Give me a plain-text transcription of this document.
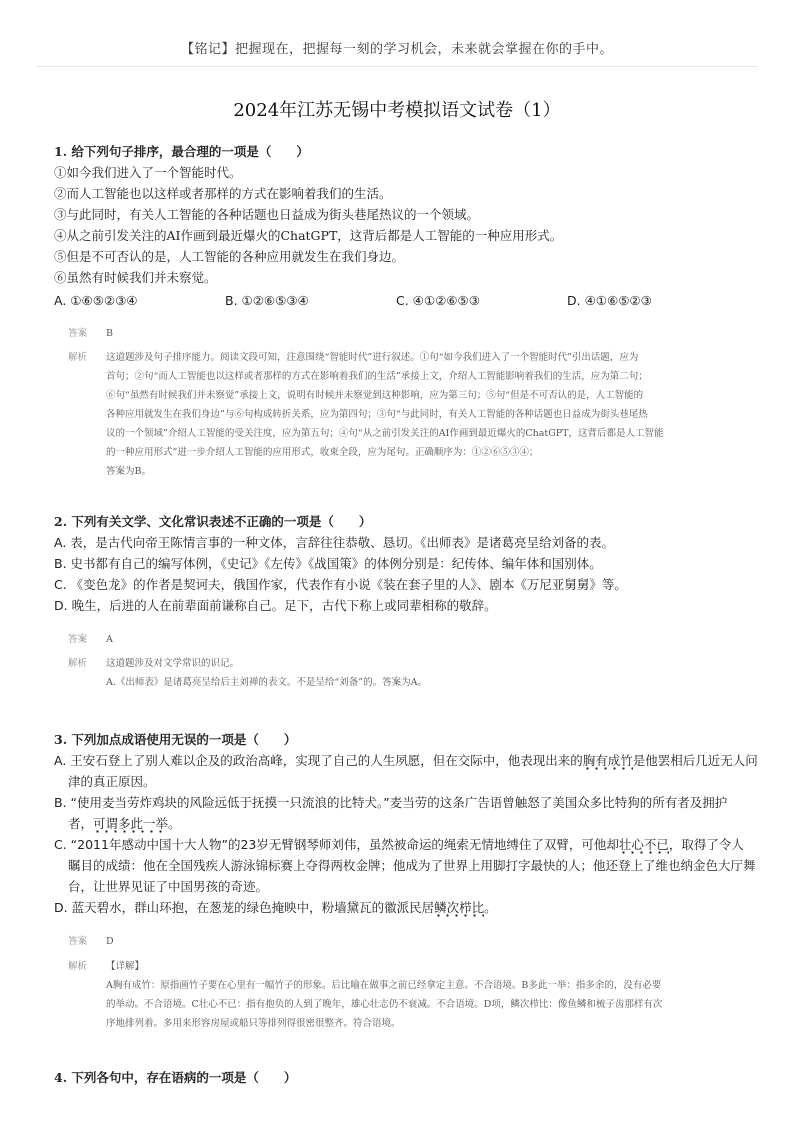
【铭记】把握现在，把握每一刻的学习机会，未来就会掌握在你的手中。
2024年江苏无锡中考模拟语文试卷（1）
1. 给下列句子排序，最合理的一项是（　　）
①如今我们进入了一个智能时代。
②而人工智能也以这样或者那样的方式在影响着我们的生活。
③与此同时，有关人工智能的各种话题也日益成为街头巷尾热议的一个领域。
④从之前引发关注的AI作画到最近爆火的ChatGPT，这背后都是人工智能的一种应用形式。
⑤但是不可否认的是，人工智能的各种应用就发生在我们身边。
⑥虽然有时候我们并未察觉。
A. ①⑥⑤②③④	B. ①②⑥⑤③④	C. ④①②⑥⑤③	D. ④①⑥⑤②③
答案 B
解析 这道题涉及句子排序能力。阅读文段可知，注意围绕“智能时代”进行叙述。①句“如今我们进入了一个智能时代”引出话题，应为
首句；②句“而人工智能也以这样或者那样的方式在影响着我们的生活”承接上文，介绍人工智能影响着我们的生活，应为第二句；
⑥句“虽然有时候我们并未察觉”承接上文，说明有时候并未察觉到这种影响，应为第三句；⑤句“但是不可否认的是，人工智能的
各种应用就发生在我们身边”与⑥句构成转折关系，应为第四句；③句“与此同时，有关人工智能的各种话题也日益成为街头巷尾热
议的一个领域”介绍人工智能的受关注度，应为第五句；④句“从之前引发关注的AI作画到最近爆火的ChatGPT，这背后都是人工智能
的一种应用形式”进一步介绍人工智能的应用形式，收束全段，应为尾句。正确顺序为：①②⑥⑤③④；
答案为B。
2. 下列有关文学、文化常识表述不正确的一项是（　　）
A. 表，是古代向帝王陈情言事的一种文体，言辞往往恭敬、恳切。《出师表》是诸葛亮呈给刘备的表。
B. 史书都有自己的编写体例，《史记》《左传》《战国策》的体例分别是：纪传体、编年体和国别体。
C. 《变色龙》的作者是契诃夫，俄国作家，代表作有小说《装在套子里的人》、剧本《万尼亚舅舅》等。
D. 晚生，后进的人在前辈面前谦称自己。足下，古代下称上或同辈相称的敬辞。
答案 A
解析 这道题涉及对文学常识的识记。
A.《出师表》是诸葛亮呈给后主刘禅的表文。不是呈给“刘备”的。答案为A。
3. 下列加点成语使用无误的一项是（　　）
A. 王安石登上了别人难以企及的政治高峰，实现了自己的人生夙愿，但在交际中，他表现出来的胸有成竹是他罢相后几近无人问
津的真正原因。
B. “使用麦当劳炸鸡块的风险远低于抚摸一只流浪的比特犬。”麦当劳的这条广告语曾触怒了美国众多比特狗的所有者及拥护
者，可谓多此一举。
C. “2011年感动中国十大人物”的23岁无臂钢琴师刘伟，虽然被命运的绳索无情地缚住了双臂，可他却壮心不已，取得了令人
瞩目的成绩：他在全国残疾人游泳锦标赛上夺得两枚金牌；他成为了世界上用脚打字最快的人；他还登上了维也纳金色大厅舞
台，让世界见证了中国男孩的奇迹。
D. 蓝天碧水，群山环抱，在葱茏的绿色掩映中，粉墙黛瓦的徽派民居鳞次栉比。
答案 D
解析 【详解】
A胸有成竹：原指画竹子要在心里有一幅竹子的形象。后比喻在做事之前已经拿定主意。不合语境。B多此一举：指多余的，没有必要
的举动。不合语境。C壮心不已：指有抱负的人到了晚年，雄心壮志仍不衰减。不合语境。D项，鳞次栉比：像鱼鳞和梳子齿那样有次
序地排列着。多用来形容房屋或船只等排列得很密很整齐。符合语境。
4. 下列各句中，存在语病的一项是（　　）
